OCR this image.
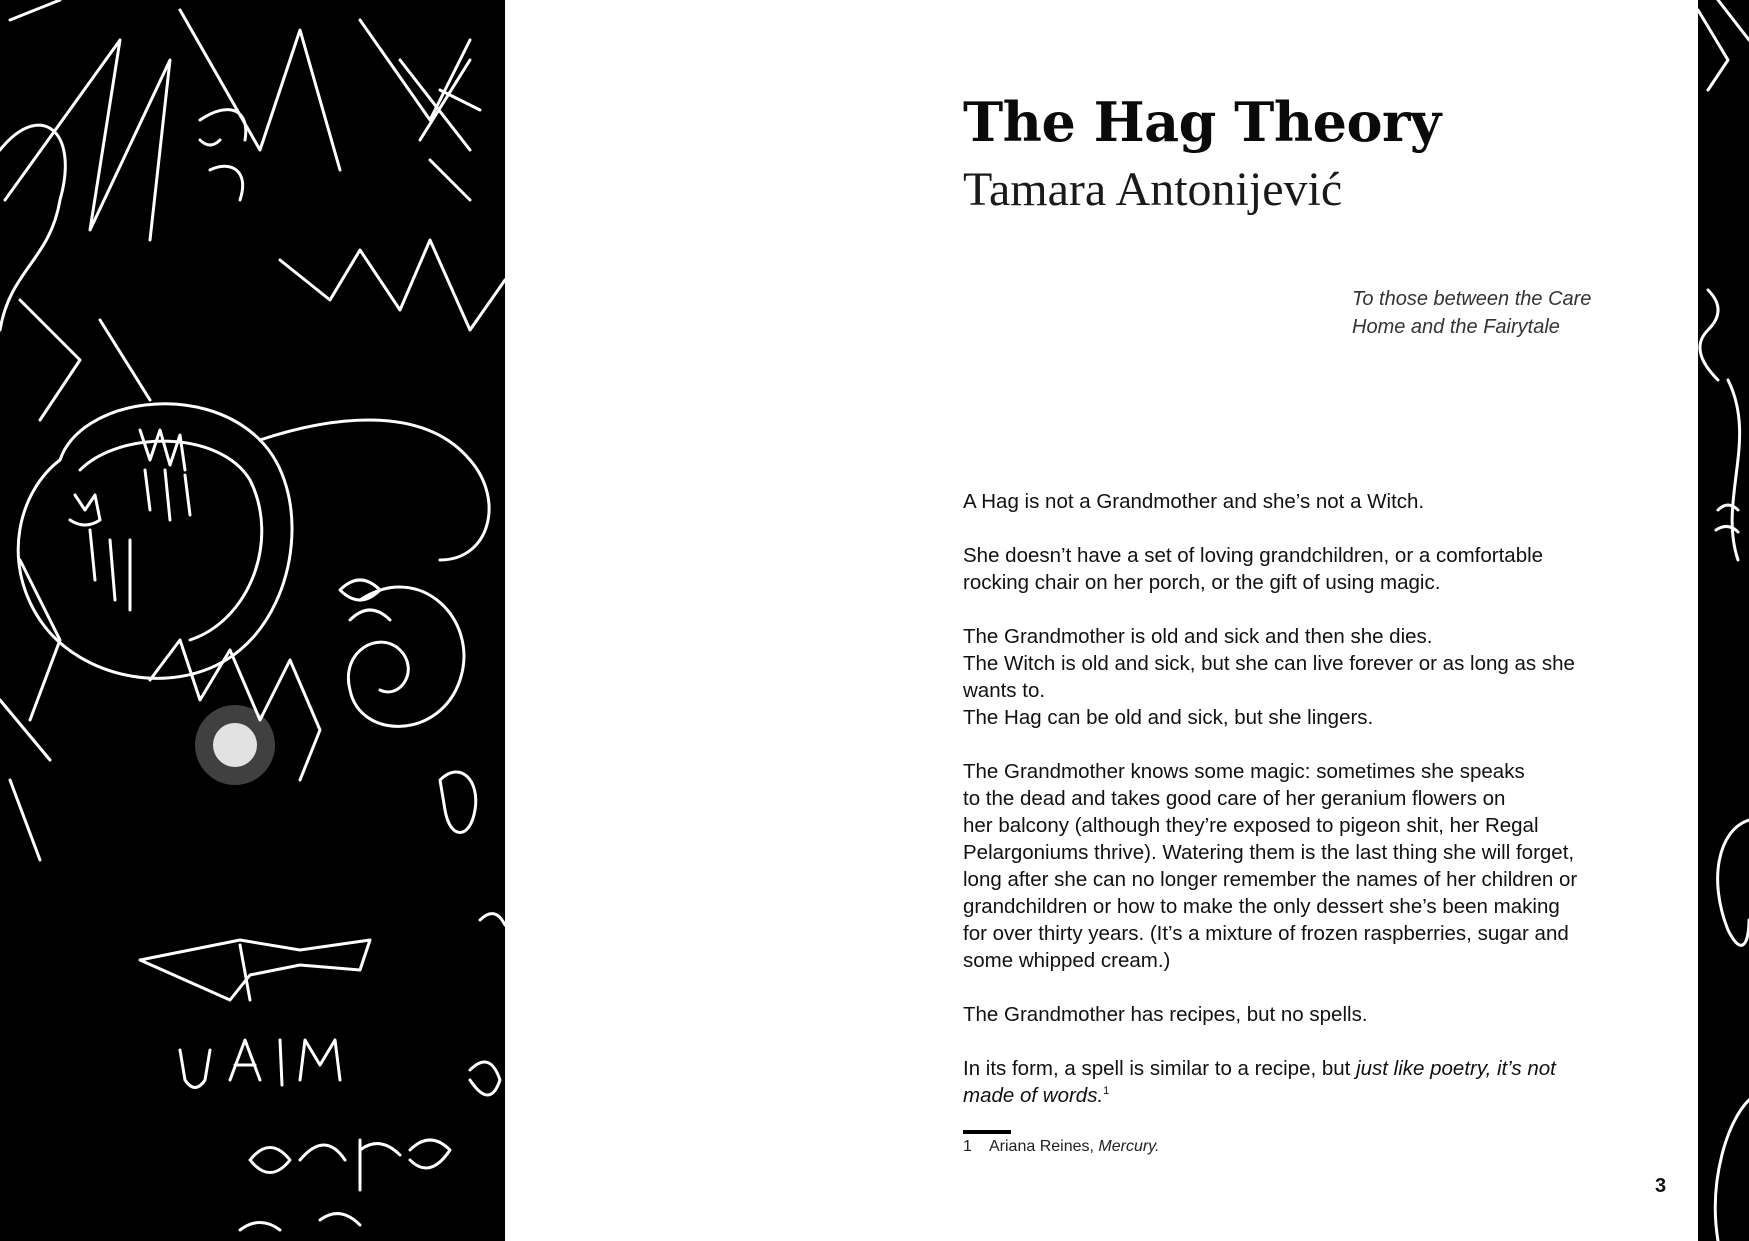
The Hag Theory
Tamara Antonijević
To those between the Care
Home and the Fairytale

A Hag is not a Grandmother and she’s not a Witch.

She doesn’t have a set of loving grandchildren, or a comfortable
rocking chair on her porch, or the gift of using magic.

The Grandmother is old and sick and then she dies.
The Witch is old and sick, but she can live forever or as long as she
wants to.
The Hag can be old and sick, but she lingers.

The Grandmother knows some magic: sometimes she speaks
to the dead and takes good care of her geranium flowers on
her balcony (although they’re exposed to pigeon shit, her Regal
Pelargoniums thrive). Watering them is the last thing she will forget,
long after she can no longer remember the names of her children or
grandchildren or how to make the only dessert she’s been making
for over thirty years. (It’s a mixture of frozen raspberries, sugar and
some whipped cream.)

The Grandmother has recipes, but no spells.

In its form, a spell is similar to a recipe, but just like poetry, it’s not
made of words.$^1$

1 Ariana Reines, Mercury.
3
